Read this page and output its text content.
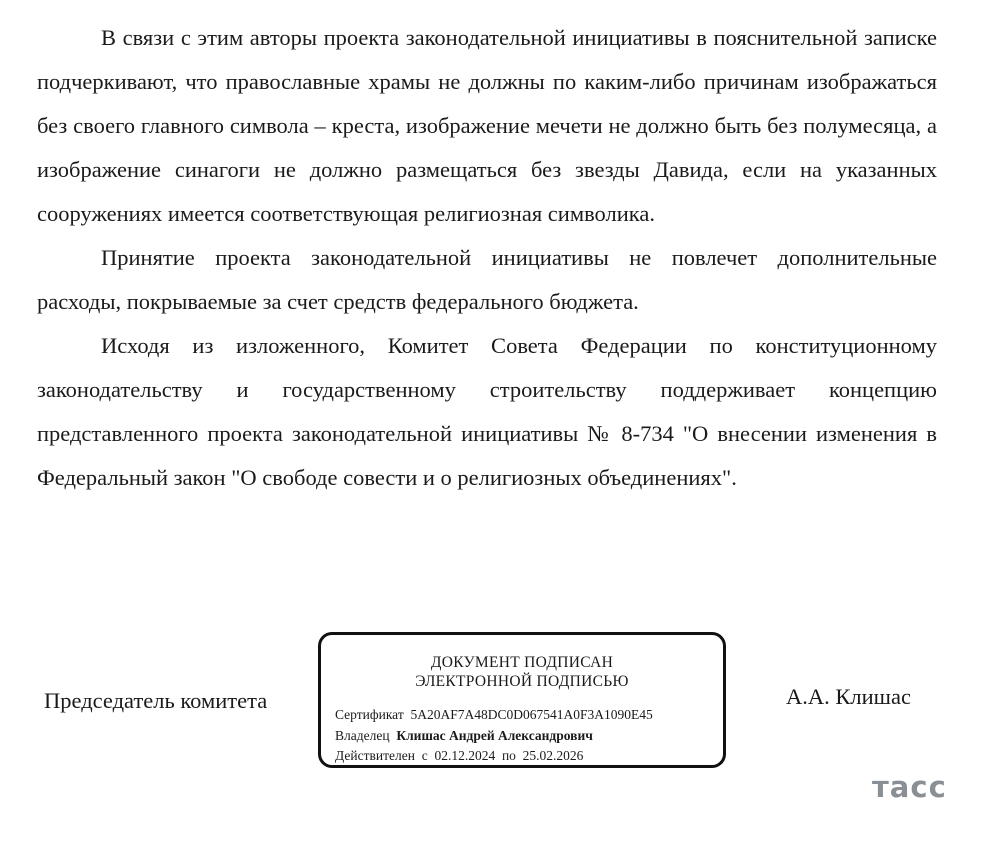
В связи с этим авторы проекта законодательной инициативы в пояснительной записке подчеркивают, что православные храмы не должны по каким-либо причинам изображаться без своего главного символа – креста, изображение мечети не должно быть без полумесяца, а изображение синагоги не должно размещаться без звезды Давида, если на указанных сооружениях имеется соответствующая религиозная символика.

Принятие проекта законодательной инициативы не повлечет дополнительные расходы, покрываемые за счет средств федерального бюджета.

Исходя из изложенного, Комитет Совета Федерации по конституционному законодательству и государственному строительству поддерживает концепцию представленного проекта законодательной инициативы № 8-734 "О внесении изменения в Федеральный закон "О свободе совести и о религиозных объединениях".

Председатель комитета
ДОКУМЕНТ ПОДПИСАН
ЭЛЕКТРОННОЙ ПОДПИСЬЮ
Сертификат 5A20AF7A48DC0D067541A0F3A1090E45
Владелец Клишас Андрей Александрович
Действителен с 02.12.2024 по 25.02.2026
А.А. Клишас
тасс
